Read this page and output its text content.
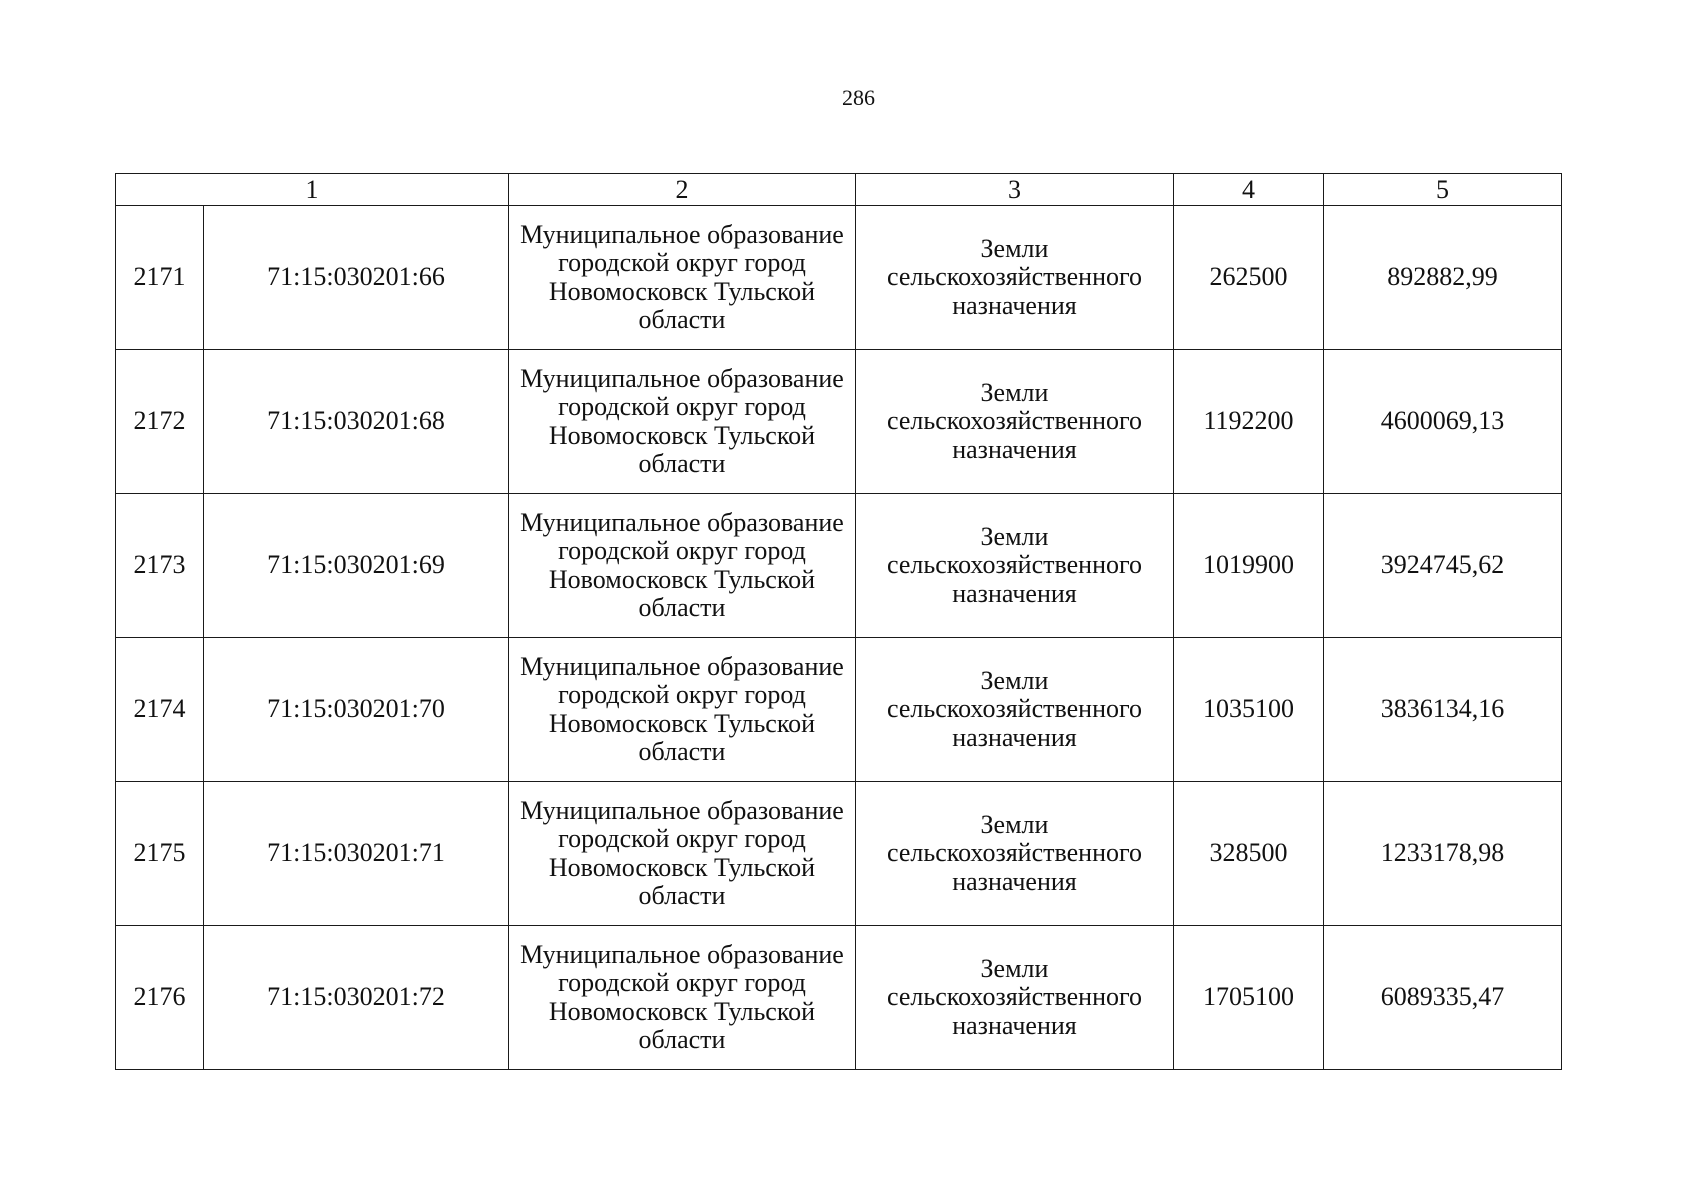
286
1		2	3	4	5
2171	71:15:030201:66	Муниципальное образование городской округ город Новомосковск Тульской области	Земли сельскохозяйственного назначения	262500	892882,99
2172	71:15:030201:68	Муниципальное образование городской округ город Новомосковск Тульской области	Земли сельскохозяйственного назначения	1192200	4600069,13
2173	71:15:030201:69	Муниципальное образование городской округ город Новомосковск Тульской области	Земли сельскохозяйственного назначения	1019900	3924745,62
2174	71:15:030201:70	Муниципальное образование городской округ город Новомосковск Тульской области	Земли сельскохозяйственного назначения	1035100	3836134,16
2175	71:15:030201:71	Муниципальное образование городской округ город Новомосковск Тульской области	Земли сельскохозяйственного назначения	328500	1233178,98
2176	71:15:030201:72	Муниципальное образование городской округ город Новомосковск Тульской области	Земли сельскохозяйственного назначения	1705100	6089335,47
